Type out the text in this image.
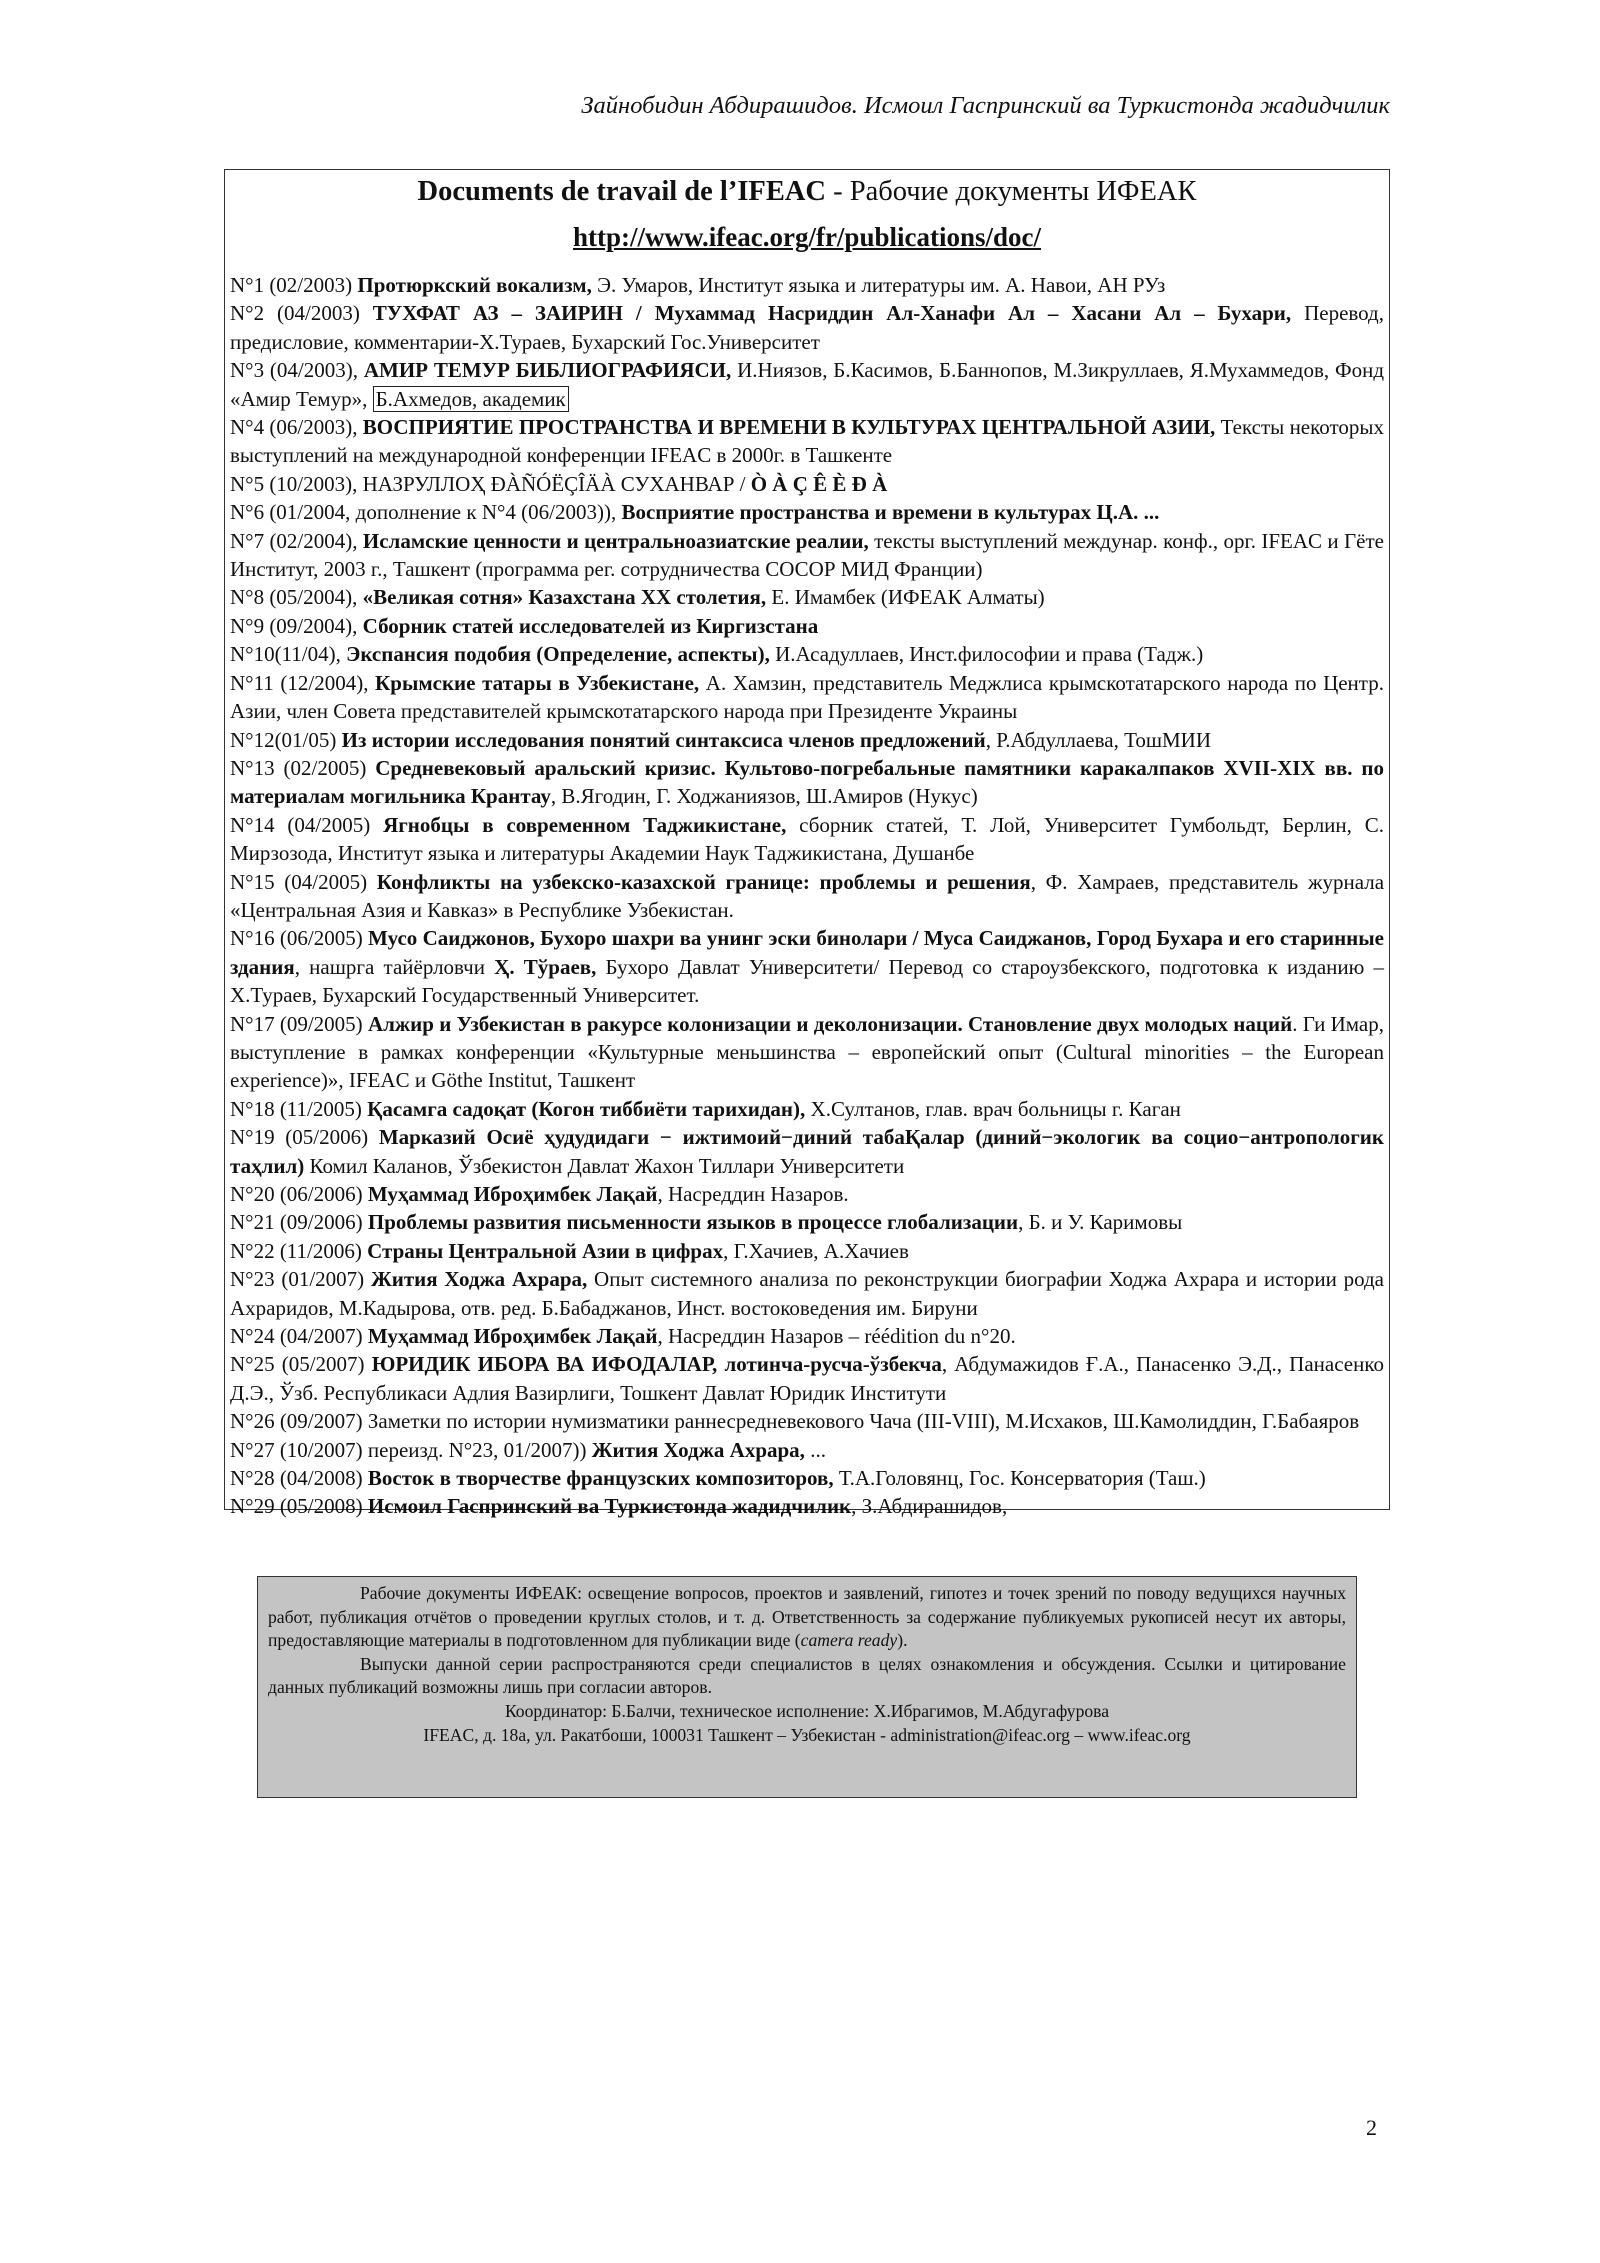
Зайнобидин Абдирашидов. Исмоил Гаспринский ва Туркистонда жадидчилик
Documents de travail de l’IFEAC - Рабочие документы ИФЕАК
http://www.ifeac.org/fr/publications/doc/
N°1 (02/2003) Протюркский вокализм, Э. Умаров, Институт языка и литературы им. А. Навои, АН РУз
N°2 (04/2003) ТУХФАТ АЗ – ЗАИРИН / Мухаммад Насриддин Ал-Ханафи Ал – Хасани Ал – Бухари, Перевод, предисловие, комментарии-Х.Тураев, Бухарский Гос.Университет
N°3 (04/2003), АМИР ТЕМУР БИБЛИОГРАФИЯСИ, И.Ниязов, Б.Касимов, Б.Баннопов, М.Зикруллаев, Я.Мухаммедов, Фонд «Амир Темур», Б.Ахмедов, академик
N°4 (06/2003), ВОСПРИЯТИЕ ПРОСТРАНСТВА И ВРЕМЕНИ В КУЛЬТУРАХ ЦЕНТРАЛЬНОЙ АЗИИ, Тексты некоторых выступлений на международной конференции IFEAC в 2000г. в Ташкенте
N°5 (10/2003), НАЗРУЛЛОҲ ÐÀÑÓËÇÎÄÀ СУХАНВАР / Ò À Ç Ê È Ð À
N°6 (01/2004, дополнение к N°4 (06/2003)), Восприятие пространства и времени в культурах Ц.А. ...
N°7 (02/2004), Исламские ценности и центральноазиатские реалии, тексты выступлений междунар. конф., орг. IFEAC и Гёте Институт, 2003 г., Ташкент (программа рег. сотрудничества СОСОР МИД Франции)
N°8 (05/2004), «Великая сотня» Казахстана XX столетия, Е. Имамбек (ИФЕАК Алматы)
N°9 (09/2004), Сборник статей исследователей из Киргизстана
N°10(11/04), Экспансия подобия (Определение, аспекты), И.Асадуллаев, Инст.философии и права (Тадж.)
N°11 (12/2004), Крымские татары в Узбекистане, А. Хамзин, представитель Меджлиса крымскотатарского народа по Центр. Азии, член Совета представителей крымскотатарского народа при Президенте Украины
N°12(01/05) Из истории исследования понятий синтаксиса членов предложений, Р.Абдуллаева, ТошМИИ
N°13 (02/2005) Средневековый аральский кризис. Культово-погребальные памятники каракалпаков XVII-XIX вв. по материалам могильника Крантау, В.Ягодин, Г. Ходжаниязов, Ш.Амиров (Нукус)
N°14 (04/2005) Ягнобцы в современном Таджикистане, сборник статей, Т. Лой, Университет Гумбольдт, Берлин, С. Мирзозода, Институт языка и литературы Академии Наук Таджикистана, Душанбе
N°15 (04/2005) Конфликты на узбекско-казахской границе: проблемы и решения, Ф. Хамраев, представитель журнала «Центральная Азия и Кавказ» в Республике Узбекистан.
N°16 (06/2005) Мусо Саиджонов, Бухоро шахри ва унинг эски бинолари / Муса Саиджанов, Город Бухара и его старинные здания, нашрга тайёрловчи Ҳ. Тўраев, Бухоро Давлат Университети/ Перевод со староузбекского, подготовка к изданию – Х.Тураев, Бухарский Государственный Университет.
N°17 (09/2005) Алжир и Узбекистан в ракурсе колонизации и деколонизации. Становление двух молодых наций. Ги Имар, выступление в рамках конференции «Культурные меньшинства – европейский опыт (Cultural minorities – the European experience)», IFEAC и Göthe Institut, Ташкент
N°18 (11/2005) Қасамга садоқат (Когон тиббиёти тарихидан), Х.Султанов, глав. врач больницы г. Каган
N°19 (05/2006) Марказий Осиё ҳудудидаги − ижтимоий−диний табаҚалар (диний−экологик ва социо−антропологик таҳлил) Комил Каланов, Ўзбекистон Давлат Жахон Тиллари Университети
N°20 (06/2006) Муҳаммад Иброҳимбек Лақай, Насреддин Назаров.
N°21 (09/2006) Проблемы развития письменности языков в процессе глобализации, Б. и У. Каримовы
N°22 (11/2006) Страны Центральной Азии в цифрах, Г.Хачиев, А.Хачиев
N°23 (01/2007) Жития Ходжа Ахрара, Опыт системного анализа по реконструкции биографии Ходжа Ахрара и истории рода Ахраридов, М.Кадырова, отв. ред. Б.Бабаджанов, Инст. востоковедения им. Бируни
N°24 (04/2007) Муҳаммад Иброҳимбек Лақай, Насреддин Назаров – réédition du n°20.
N°25 (05/2007) ЮРИДИК ИБОРА ВА ИФОДАЛАР, лотинча-русча-ўзбекча, Абдумажидов Ғ.А., Панасенко Э.Д., Панасенко Д.Э., Ўзб. Республикаси Адлия Вазирлиги, Тошкент Давлат Юридик Институти
N°26 (09/2007) Заметки по истории нумизматики раннесредневекового Чача (III-VIII), М.Исхаков, Ш.Камолиддин, Г.Бабаяров
N°27 (10/2007) переизд. N°23, 01/2007)) Жития Ходжа Ахрара, ...
N°28 (04/2008) Восток в творчестве французских композиторов, Т.А.Головянц, Гос. Консерватория (Таш.)
N°29 (05/2008) Исмоил Гаспринский ва Туркистонда жадидчилик, З.Абдирашидов,

Рабочие документы ИФЕАК: освещение вопросов, проектов и заявлений, гипотез и точек зрений по поводу ведущихся научных работ, публикация отчётов о проведении круглых столов, и т. д. Ответственность за содержание публикуемых рукописей несут их авторы, предоставляющие материалы в подготовленном для публикации виде (camera ready).

Выпуски данной серии распространяются среди специалистов в целях ознакомления и обсуждения. Ссылки и цитирование данных публикаций возможны лишь при согласии авторов.

Координатор: Б.Балчи, техническое исполнение: Х.Ибрагимов, М.Абдугафурова

IFEAC, д. 18а, ул. Ракатбоши, 100031 Ташкент – Узбекистан - administration@ifeac.org – www.ifeac.org

2
